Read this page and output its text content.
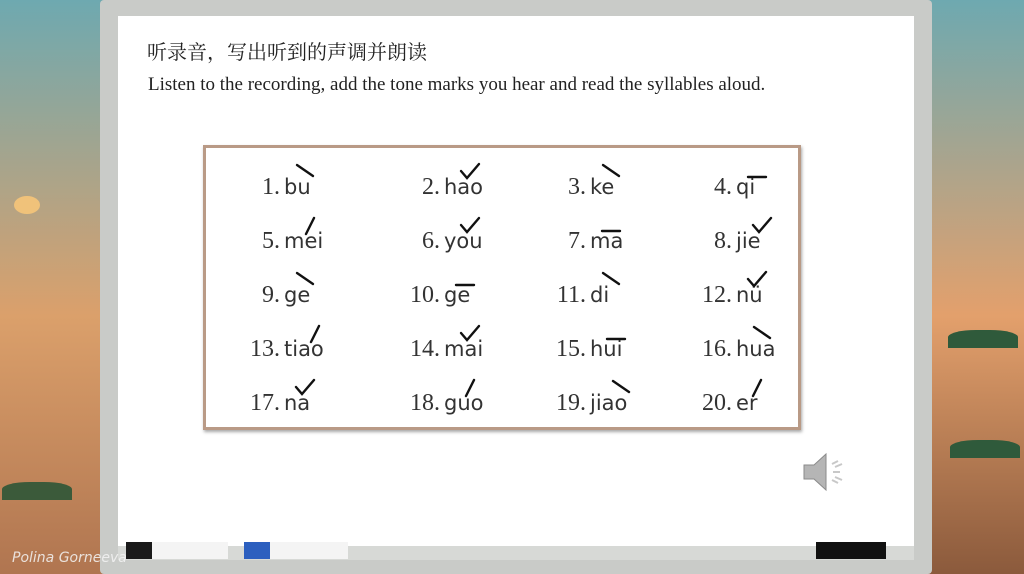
听录音，写出听到的声调并朗读
Listen to the recording, add the tone marks you hear and read the syllables aloud.
1. bu	2. hao	3. ke	4. qi
5. mei	6. you	7. ma	8. jie
9. ge	10. ge	11. di	12. nü
13. tiao	14. mai	15. hui	16. hua
17. na	18. guo	19. jiao	20. er
Polina Gorneeva
